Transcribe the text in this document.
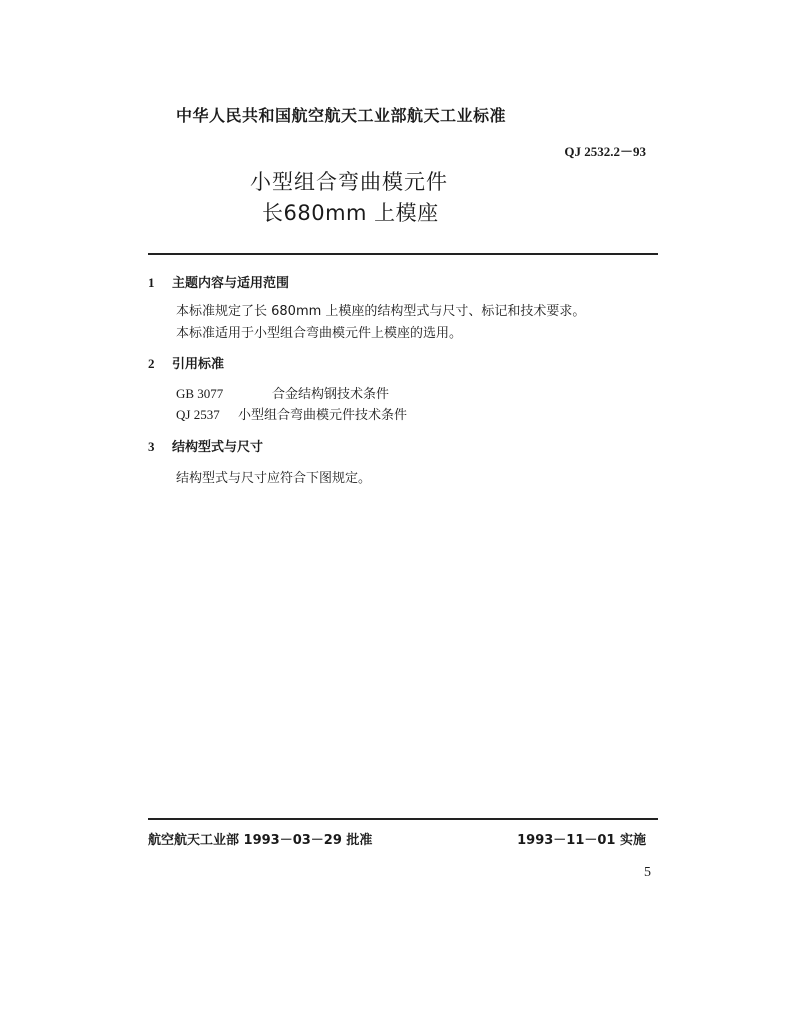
中华人民共和国航空航天工业部航天工业标准
QJ 2532.2－93
小型组合弯曲模元件
长680mm 上模座
1 主题内容与适用范围
本标准规定了长 680mm 上模座的结构型式与尺寸、标记和技术要求。
本标准适用于小型组合弯曲模元件上模座的选用。
2 引用标准
GB 3077	合金结构钢技术条件
QJ 2537 小型组合弯曲模元件技术条件
3 结构型式与尺寸
结构型式与尺寸应符合下图规定。
航空航天工业部 1993－03－29 批准	1993－11－01 实施
5
